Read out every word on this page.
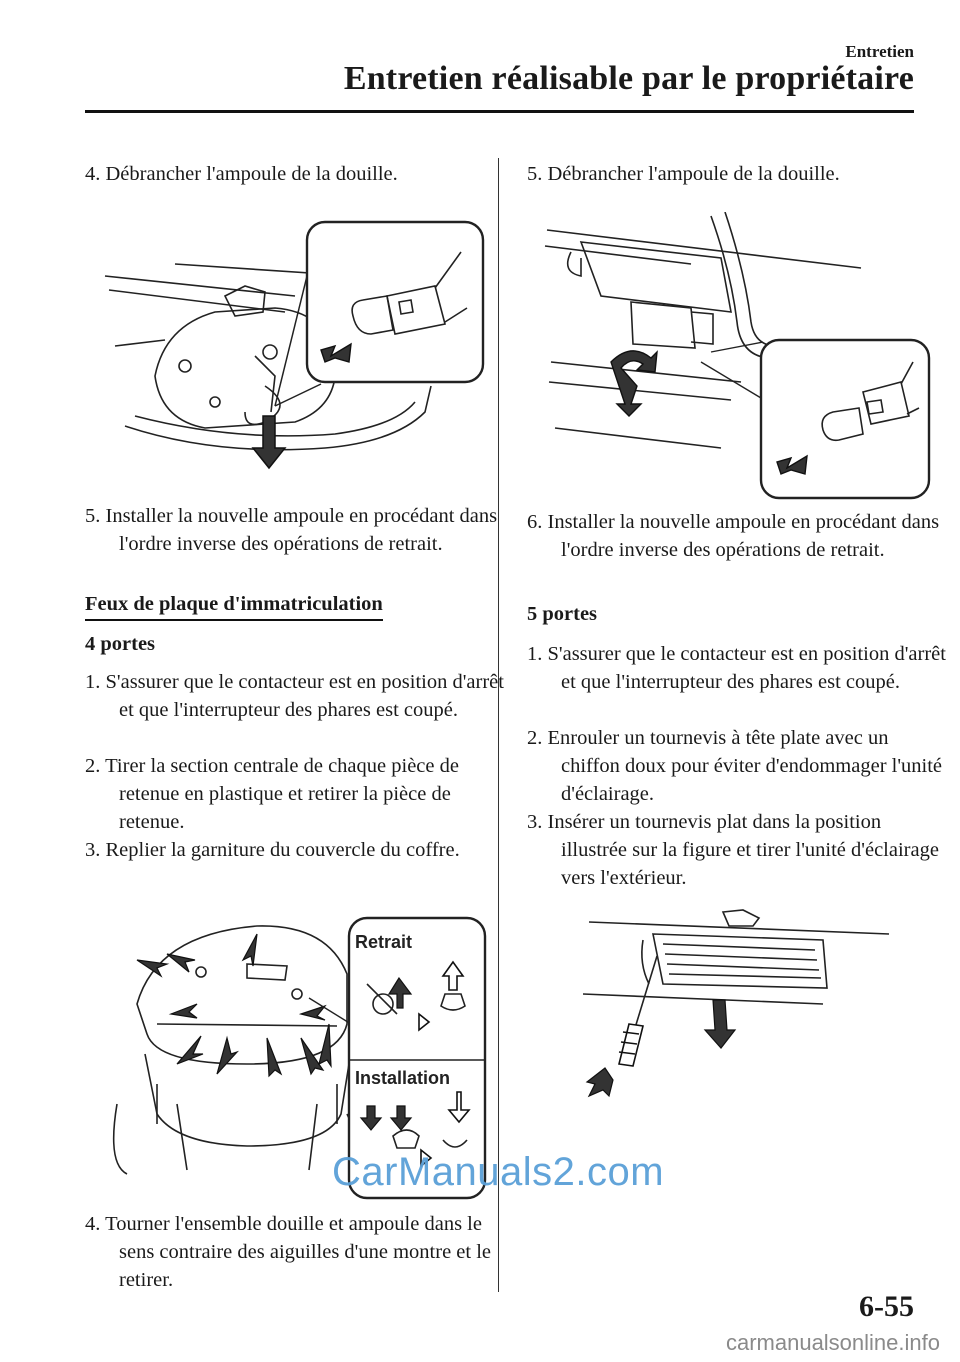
Entretien
Entretien réalisable par le propriétaire
4. Débrancher l'ampoule de la douille.
5. Installer la nouvelle ampoule en procédant dans l'ordre inverse des opérations de retrait.
Feux de plaque d'immatriculation
4 portes
1. S'assurer que le contacteur est en position d'arrêt et que l'interrupteur des phares est coupé.
2. Tirer la section centrale de chaque pièce de retenue en plastique et retirer la pièce de retenue.
3. Replier la garniture du couvercle du coffre.
Retrait
Installation
4. Tourner l'ensemble douille et ampoule dans le sens contraire des aiguilles d'une montre et le retirer.
5. Débrancher l'ampoule de la douille.
6. Installer la nouvelle ampoule en procédant dans l'ordre inverse des opérations de retrait.
5 portes
1. S'assurer que le contacteur est en position d'arrêt et que l'interrupteur des phares est coupé.
2. Enrouler un tournevis à tête plate avec un chiffon doux pour éviter d'endommager l'unité d'éclairage.
3. Insérer un tournevis plat dans la position illustrée sur la figure et tirer l'unité d'éclairage vers l'extérieur.
CarManuals2.com
6-55
carmanualsonline.info
